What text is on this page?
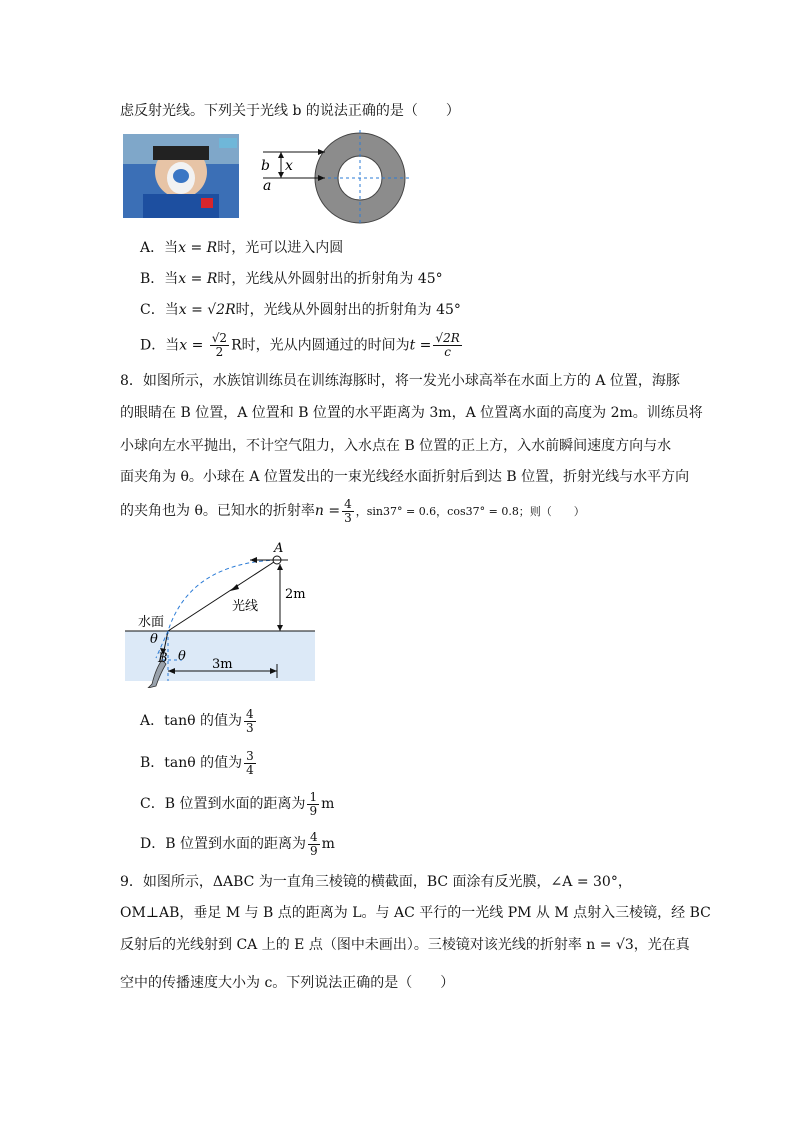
虑反射光线。下列关于光线 b 的说法正确的是（　　）
b x
a
A．当x = R时，光可以进入内圆
B．当x = R时，光线从外圆射出的折射角为 45°
C．当x = √2R时，光线从外圆射出的折射角为 45°
D．当$x = \frac{√2}{2}$ R时，光从内圆通过的时间为$t = \frac{√2R}{c}$
8．如图所示，水族馆训练员在训练海豚时，将一发光小球高举在水面上方的 A 位置，海豚
的眼睛在 B 位置，A 位置和 B 位置的水平距离为 3m，A 位置离水面的高度为 2m。训练员将
小球向左水平抛出，不计空气阻力，入水点在 B 位置的正上方，入水前瞬间速度方向与水
面夹角为 θ。小球在 A 位置发出的一束光线经水面折射后到达 B 位置，折射光线与水平方向
的夹角也为 θ。已知水的折射率$n = \frac{4}{3}$ ，sin37° = 0.6，cos37° = 0.8；则（　　）
A
B
θ
θ
水面
光线
2m
3m
A．tanθ 的值为 $\frac{4}{3}$
B．tanθ 的值为 $\frac{3}{4}$
C．B 位置到水面的距离为 $\frac{1}{9}$ m
D．B 位置到水面的距离为 $\frac{4}{9}$ m
9．如图所示，ΔABC 为一直角三棱镜的横截面，BC 面涂有反光膜，∠A = 30°，
OM⊥AB，垂足 M 与 B 点的距离为 L。与 AC 平行的一光线 PM 从 M 点射入三棱镜，经 BC
反射后的光线射到 CA 上的 E 点（图中未画出）。三棱镜对该光线的折射率 n = √3，光在真
空中的传播速度大小为 c。下列说法正确的是（　　）
